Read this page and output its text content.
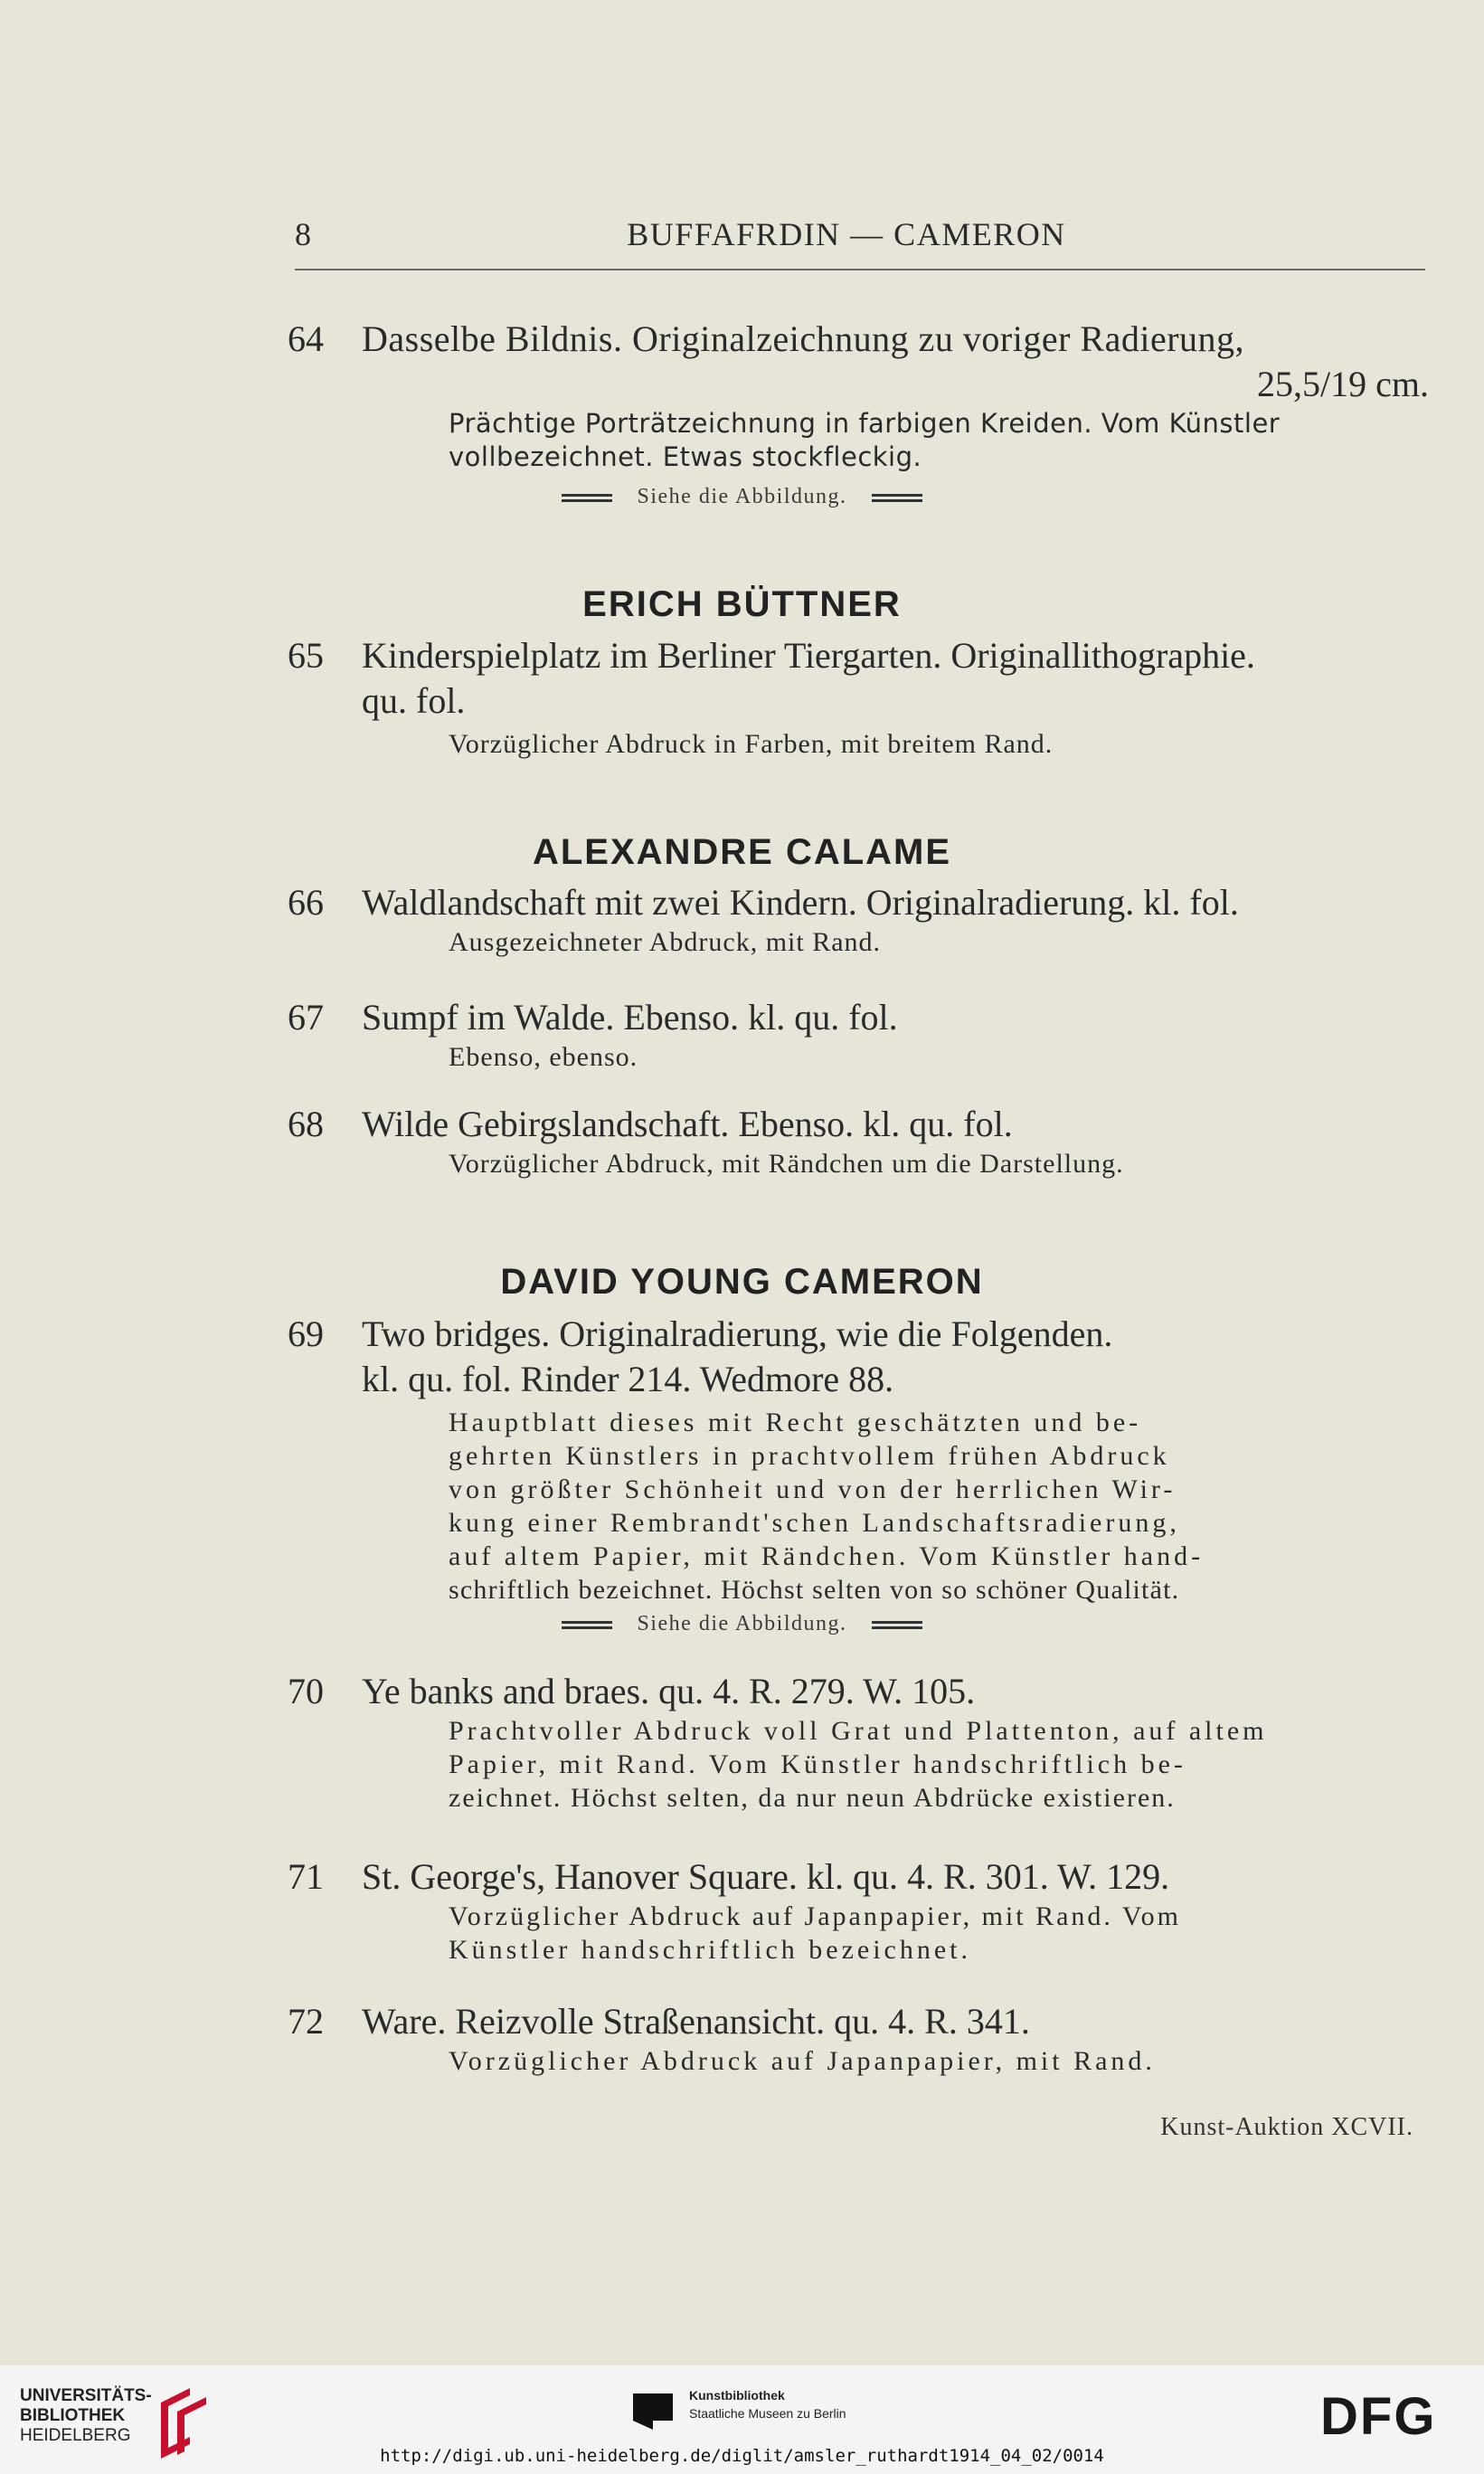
8	BUFFAFRDIN — CAMERON
64	Dasselbe Bildnis. Originalzeichnung zu voriger Radierung,
25,5/19 cm.
Prächtige Porträtzeichnung in farbigen Kreiden. Vom Künstler
vollbezeichnet. Etwas stockfleckig.
Siehe die Abbildung.
ERICH BÜTTNER
65	Kinderspielplatz im Berliner Tiergarten. Originallithographie.
qu. fol.
Vorzüglicher Abdruck in Farben, mit breitem Rand.
ALEXANDRE CALAME
66	Waldlandschaft mit zwei Kindern. Originalradierung. kl. fol.
Ausgezeichneter Abdruck, mit Rand.
67	Sumpf im Walde. Ebenso. kl. qu. fol.
Ebenso, ebenso.
68	Wilde Gebirgslandschaft. Ebenso. kl. qu. fol.
Vorzüglicher Abdruck, mit Rändchen um die Darstellung.
DAVID YOUNG CAMERON
69	Two bridges. Originalradierung, wie die Folgenden.
kl. qu. fol. Rinder 214. Wedmore 88.
Hauptblatt dieses mit Recht geschätzten und be-
gehrten Künstlers in prachtvollem frühen Abdruck
von größter Schönheit und von der herrlichen Wir-
kung einer Rembrandt'schen Landschaftsradierung,
auf altem Papier, mit Rändchen. Vom Künstler hand-
schriftlich bezeichnet. Höchst selten von so schöner Qualität.
Siehe die Abbildung.
70	Ye banks and braes. qu. 4. R. 279. W. 105.
Prachtvoller Abdruck voll Grat und Plattenton, auf altem
Papier, mit Rand. Vom Künstler handschriftlich be-
zeichnet. Höchst selten, da nur neun Abdrücke existieren.
71	St. George's, Hanover Square. kl. qu. 4. R. 301. W. 129.
Vorzüglicher Abdruck auf Japanpapier, mit Rand. Vom
Künstler handschriftlich bezeichnet.
72	Ware. Reizvolle Straßenansicht. qu. 4. R. 341.
Vorzüglicher Abdruck auf Japanpapier, mit Rand.
Kunst-Auktion XCVII.
UNIVERSITÄTS-
BIBLIOTHEK
HEIDELBERG
Kunstbibliothek
Staatliche Museen zu Berlin	DFG
http://digi.ub.uni-heidelberg.de/diglit/amsler_ruthardt1914_04_02/0014
